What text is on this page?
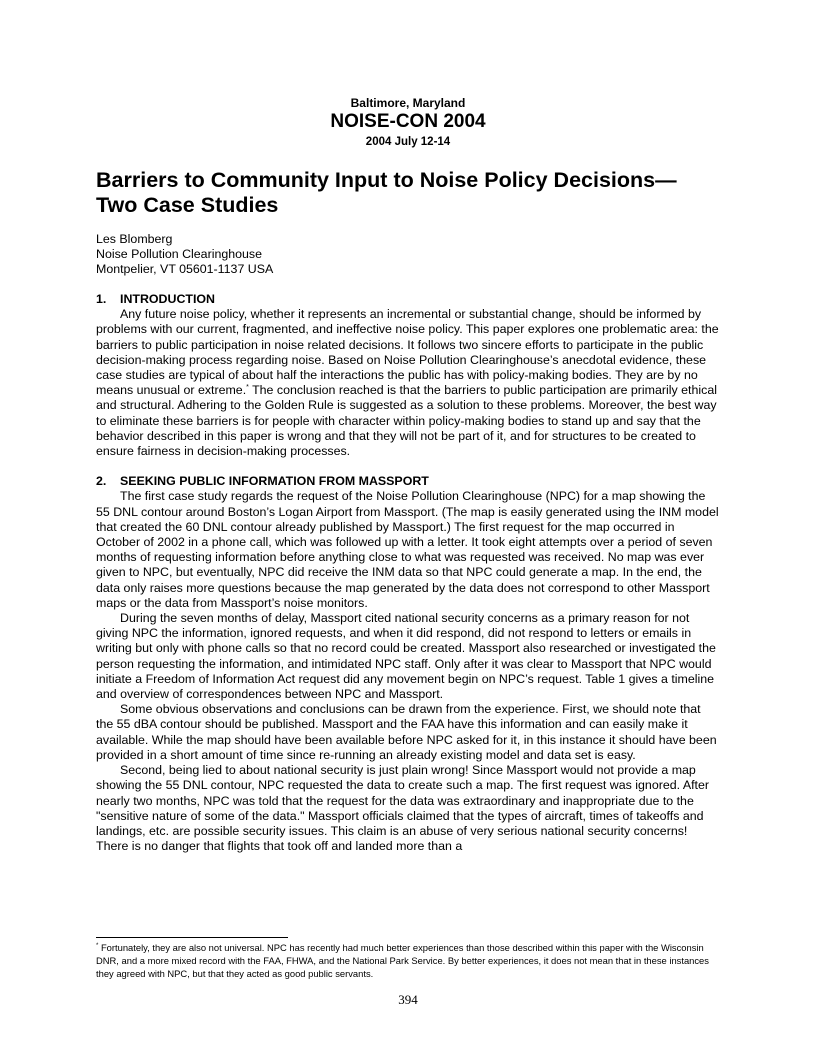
Baltimore, Maryland
NOISE-CON 2004
2004 July 12-14
Barriers to Community Input to Noise Policy Decisions—
Two Case Studies
Les Blomberg
Noise Pollution Clearinghouse
Montpelier, VT 05601-1137 USA
1. INTRODUCTION

Any future noise policy, whether it represents an incremental or substantial change, should be informed by problems with our current, fragmented, and ineffective noise policy. This paper explores one problematic area: the barriers to public participation in noise related decisions. It follows two sincere efforts to participate in the public decision-making process regarding noise. Based on Noise Pollution Clearinghouse’s anecdotal evidence, these case studies are typical of about half the interactions the public has with policy-making bodies. They are by no means unusual or extreme.* The conclusion reached is that the barriers to public participation are primarily ethical and structural. Adhering to the Golden Rule is suggested as a solution to these problems. Moreover, the best way to eliminate these barriers is for people with character within policy-making bodies to stand up and say that the behavior described in this paper is wrong and that they will not be part of it, and for structures to be created to ensure fairness in decision-making processes.

2. SEEKING PUBLIC INFORMATION FROM MASSPORT

The first case study regards the request of the Noise Pollution Clearinghouse (NPC) for a map showing the 55 DNL contour around Boston’s Logan Airport from Massport. (The map is easily generated using the INM model that created the 60 DNL contour already published by Massport.) The first request for the map occurred in October of 2002 in a phone call, which was followed up with a letter. It took eight attempts over a period of seven months of requesting information before anything close to what was requested was received. No map was ever given to NPC, but eventually, NPC did receive the INM data so that NPC could generate a map. In the end, the data only raises more questions because the map generated by the data does not correspond to other Massport maps or the data from Massport’s noise monitors.

During the seven months of delay, Massport cited national security concerns as a primary reason for not giving NPC the information, ignored requests, and when it did respond, did not respond to letters or emails in writing but only with phone calls so that no record could be created. Massport also researched or investigated the person requesting the information, and intimidated NPC staff. Only after it was clear to Massport that NPC would initiate a Freedom of Information Act request did any movement begin on NPC’s request. Table 1 gives a timeline and overview of correspondences between NPC and Massport.

Some obvious observations and conclusions can be drawn from the experience. First, we should note that the 55 dBA contour should be published. Massport and the FAA have this information and can easily make it available. While the map should have been available before NPC asked for it, in this instance it should have been provided in a short amount of time since re-running an already existing model and data set is easy.

Second, being lied to about national security is just plain wrong! Since Massport would not provide a map showing the 55 DNL contour, NPC requested the data to create such a map. The first request was ignored. After nearly two months, NPC was told that the request for the data was extraordinary and inappropriate due to the "sensitive nature of some of the data." Massport officials claimed that the types of aircraft, times of takeoffs and landings, etc. are possible security issues. This claim is an abuse of very serious national security concerns! There is no danger that flights that took off and landed more than a

* Fortunately, they are also not universal. NPC has recently had much better experiences than those described within this paper with the Wisconsin DNR, and a more mixed record with the FAA, FHWA, and the National Park Service. By better experiences, it does not mean that in these instances they agreed with NPC, but that they acted as good public servants.
394
